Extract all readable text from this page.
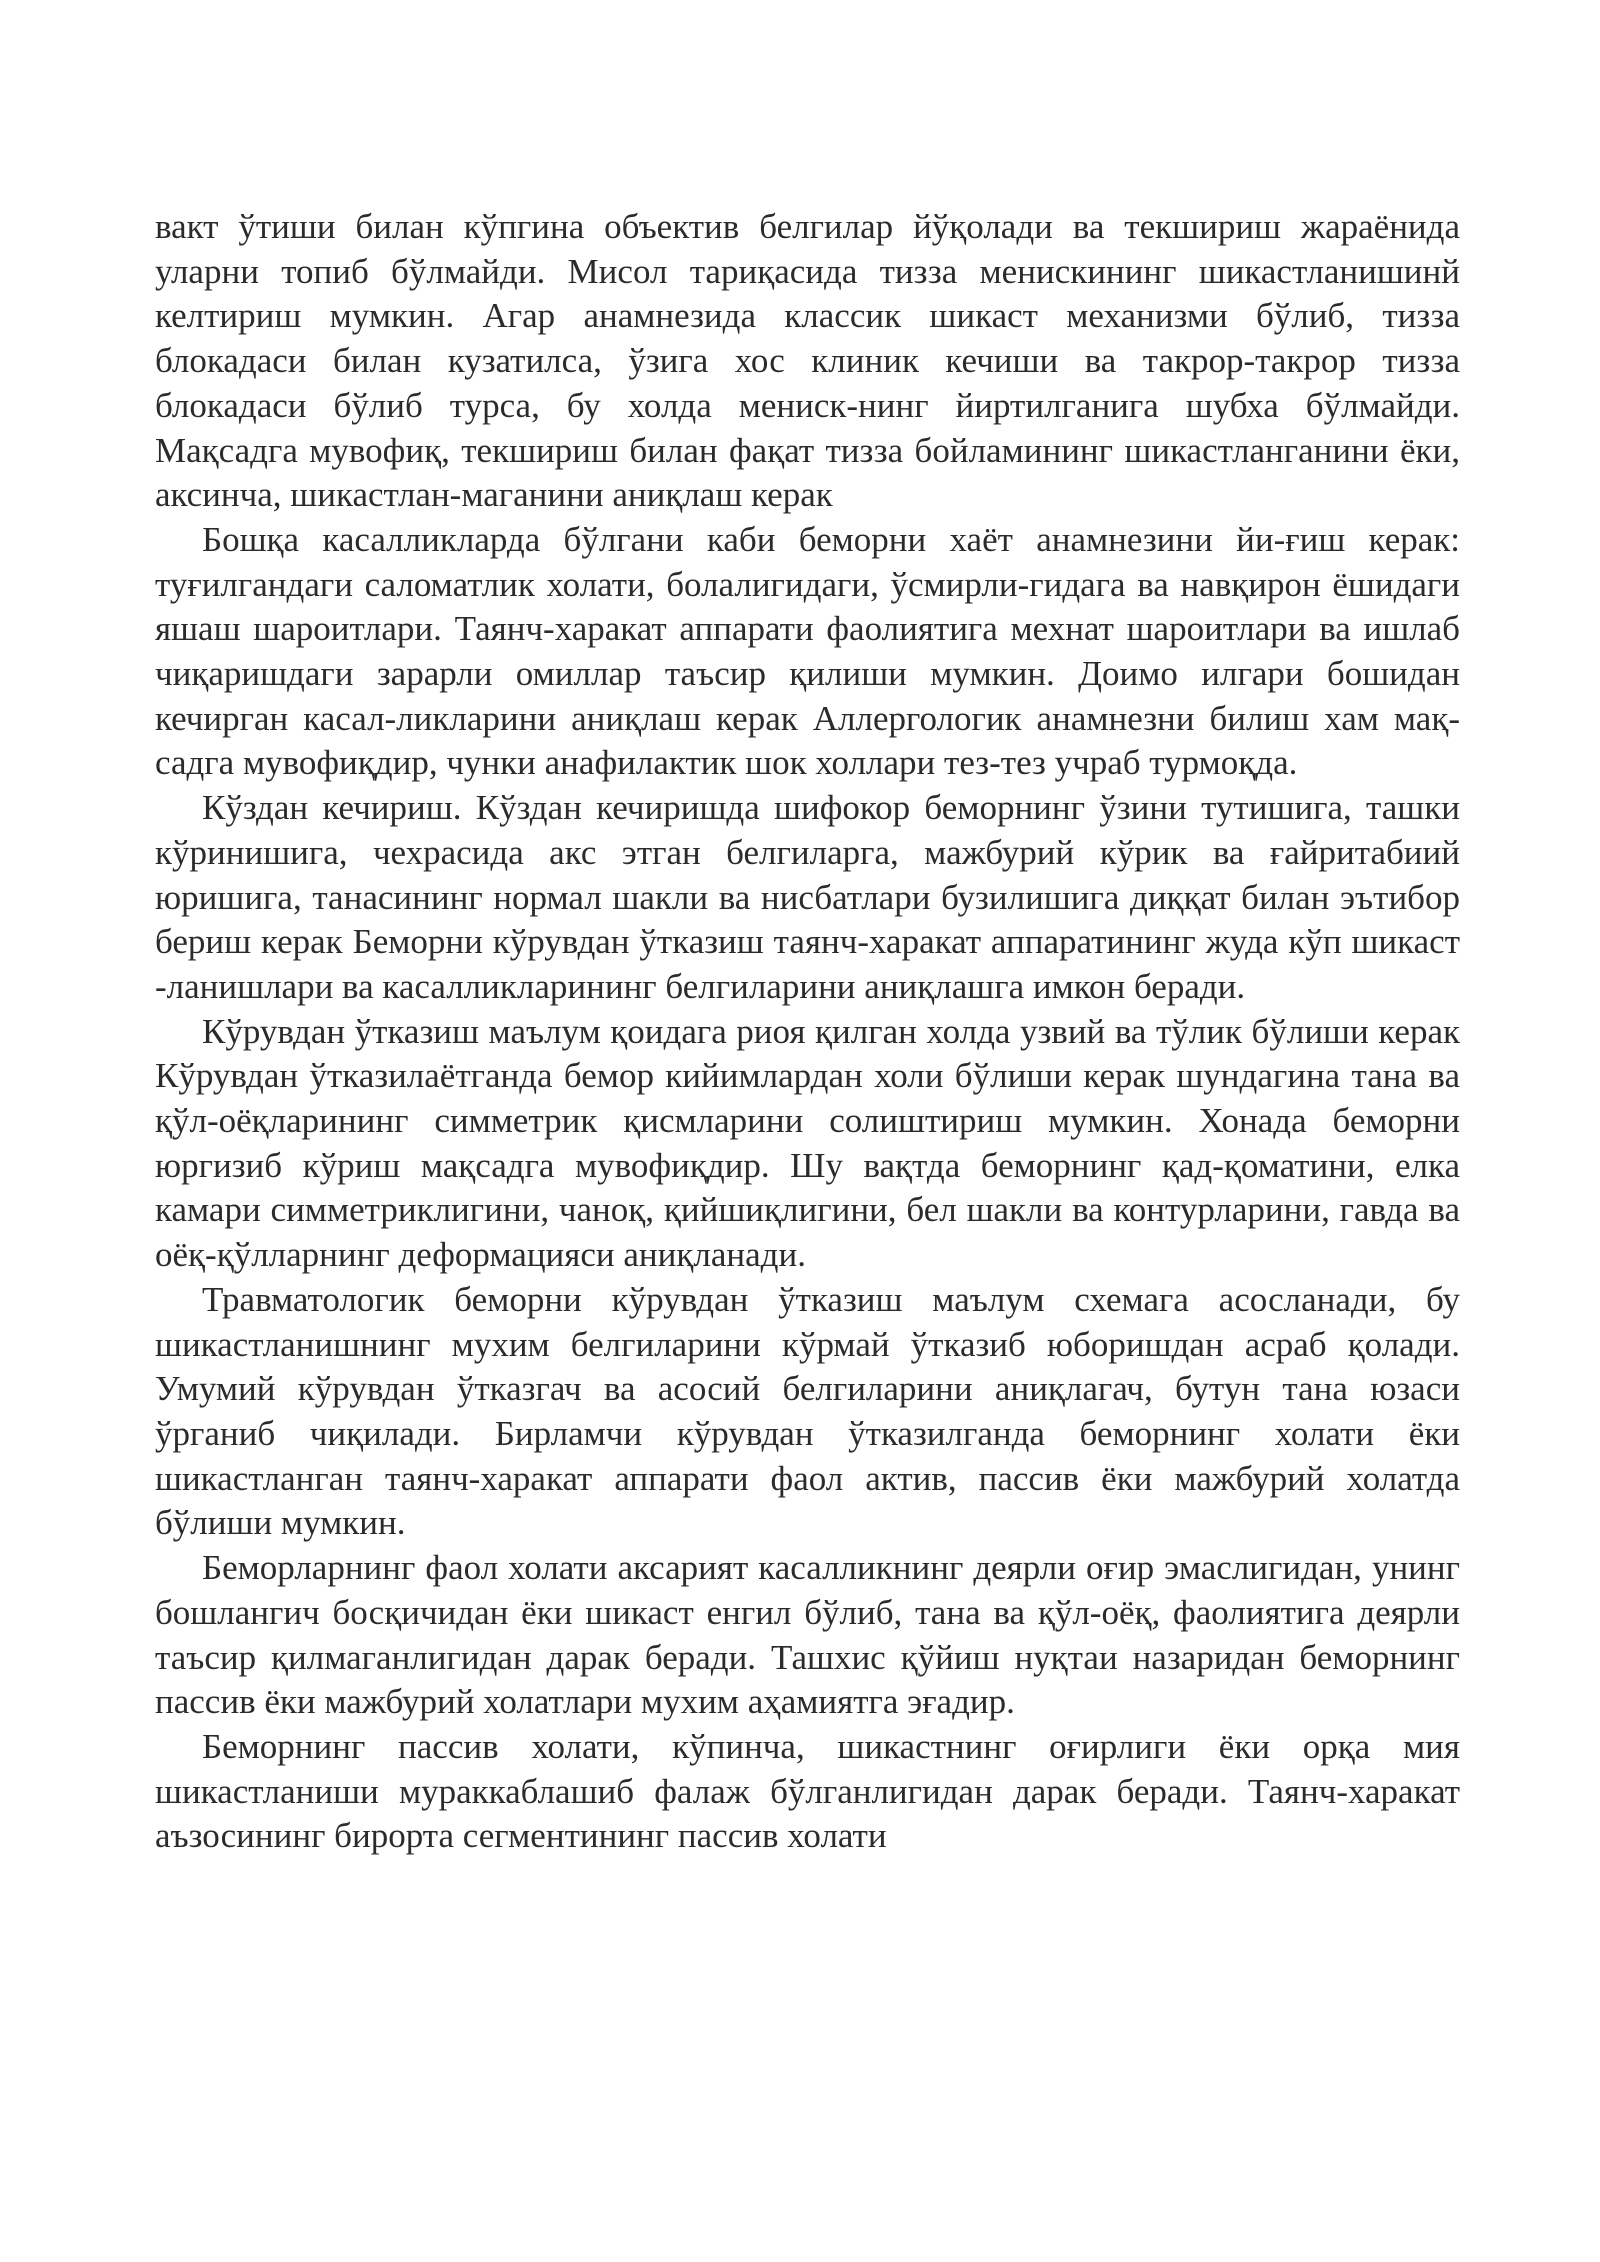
вакт ўтиши билан кўпгина объектив белгилар йўқолади ва текшириш жараёнида уларни топиб бўлмайди. Мисол тариқасида тизза менискининг шикастланишинй келтириш мумкин. Агар анамнезида классик шикаст механизми бўлиб, тизза блокадаси билан кузатилса, ўзига хос клиник кечиши ва такрор-такрор тизза блокадаси бўлиб турса, бу холда мениск-нинг йиртилганига шубха бўлмайди. Мақсадга мувофиқ, текшириш билан фақат тизза бойламининг шикастланганини ёки, аксинча, шикастлан-маганини аниқлаш керак

Бошқа касалликларда бўлгани каби беморни хаёт анамнезини йи-ғиш керак: туғилгандаги саломатлик холати, болалигидаги, ўсмирли-гидага ва навқирон ёшидаги яшаш шароитлари. Таянч-харакат аппарати фаолиятига мехнат шароитлари ва ишлаб чиқаришдаги зарарли омиллар таъсир қилиши мумкин. Доимо илгари бошидан кечирган касал-ликларини аниқлаш керак Аллергологик анамнезни билиш хам мақ-садга мувофиқдир, чунки анафилактик шок холлари тез-тез учраб турмоқда.

Кўздан кечириш. Кўздан кечиришда шифокор беморнинг ўзини тутишига, ташки кўринишига, чехрасида акс этган белгиларга, мажбурий кўрик ва ғайритабиий юришига, танасининг нормал шакли ва нисбатлари бузилишига диққат билан эътибор бериш керак Беморни кўрувдан ўтказиш таянч-харакат аппаратининг жуда кўп шикаст -ланишлари ва касалликларининг белгиларини аниқлашга имкон беради.

Кўрувдан ўтказиш маълум қоидага риоя қилган холда узвий ва тўлик бўлиши керак Кўрувдан ўтказилаётганда бемор кийимлардан холи бўлиши керак шундагина тана ва қўл-оёқларининг симметрик қисмларини солиштириш мумкин. Хонада беморни юргизиб кўриш мақсадга мувофиқдир. Шу вақтда беморнинг қад-қоматини, елка камари симметриклигини, чаноқ, қийшиқлигини, бел шакли ва контурларини, гавда ва оёқ-қўлларнинг деформацияси аниқланади.

Травматологик беморни кўрувдан ўтказиш маълум схемага асосланади, бу шикастланишнинг мухим белгиларини кўрмай ўтказиб юборишдан асраб қолади. Умумий кўрувдан ўтказгач ва асосий белгиларини аниқлагач, бутун тана юзаси ўрганиб чиқилади. Бирламчи кўрувдан ўтказилганда беморнинг холати ёки шикастланган таянч-харакат аппарати фаол актив, пассив ёки мажбурий холатда бўлиши мумкин.

Беморларнинг фаол холати аксарият касалликнинг деярли оғир эмаслигидан, унинг бошлангич босқичидан ёки шикаст енгил бўлиб, тана ва қўл-оёқ, фаолиятига деярли таъсир қилмаганлигидан дарак беради. Ташхис қўйиш нуқтаи назаридан беморнинг пассив ёки мажбурий холатлари мухим аҳамиятга эғадир.

Беморнинг пассив холати, кўпинча, шикастнинг оғирлиги ёки орқа мия шикастланиши мураккаблашиб фалаж бўлганлигидан дарак беради. Таянч-харакат аъзосининг бирорта сегментининг пассив холати
